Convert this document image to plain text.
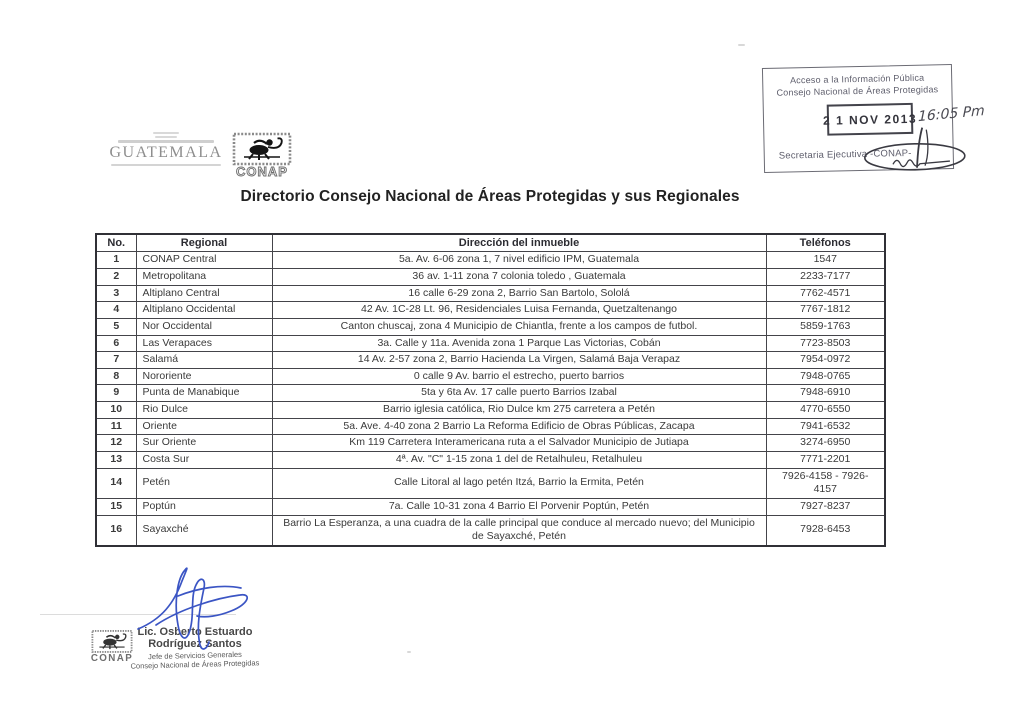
Acceso a la Información Pública
Consejo Nacional de Áreas Protegidas
2 1 NOV 2013 16:05 Pm
Secretaria Ejecutiva -CONAP-
GUATEMALA
CONAP
Directorio Consejo Nacional de Áreas Protegidas y sus Regionales
No.	Regional	Dirección del inmueble	Teléfonos
1	CONAP Central	5a. Av. 6-06 zona 1, 7 nivel edificio IPM, Guatemala	1547
2	Metropolitana	36 av. 1-11 zona 7 colonia toledo , Guatemala	2233-7177
3	Altiplano Central	16 calle 6-29 zona 2, Barrio San Bartolo, Sololá	7762-4571
4	Altiplano Occidental	42 Av. 1C-28 Lt. 96, Residenciales Luisa Fernanda, Quetzaltenango	7767-1812
5	Nor Occidental	Canton chuscaj, zona 4 Municipio de Chiantla, frente a los campos de futbol.	5859-1763
6	Las Verapaces	3a. Calle y 11a. Avenida zona 1 Parque Las Victorias, Cobán	7723-8503
7	Salamá	14 Av. 2-57 zona 2, Barrio Hacienda La Virgen, Salamá Baja Verapaz	7954-0972
8	Nororiente	0 calle 9 Av. barrio el estrecho, puerto barrios	7948-0765
9	Punta de Manabique	5ta y 6ta Av. 17 calle puerto Barrios Izabal	7948-6910
10	Rio Dulce	Barrio iglesia católica, Rio Dulce km 275 carretera a Petén	4770-6550
11	Oriente	5a. Ave. 4-40 zona 2 Barrio La Reforma Edificio de Obras Públicas, Zacapa	7941-6532
12	Sur Oriente	Km 119 Carretera Interamericana ruta a el Salvador Municipio de Jutiapa	3274-6950
13	Costa Sur	4ª. Av. "C" 1-15 zona 1 del de Retalhuleu, Retalhuleu	7771-2201
14	Petén	Calle Litoral al lago petén Itzá, Barrio la Ermita, Petén	7926-4158 - 7926-4157
15	Poptún	7a. Calle 10-31 zona 4 Barrio El Porvenir Poptún, Petén	7927-8237
16	Sayaxché	Barrio La Esperanza, a una cuadra de la calle principal que conduce al mercado nuevo; del Municipio de Sayaxché, Petén	7928-6453
Lic. Osberto Estuardo
Rodríguez Santos
Jefe de Servicios Generales
Consejo Nacional de Áreas Protegidas
CONAP
